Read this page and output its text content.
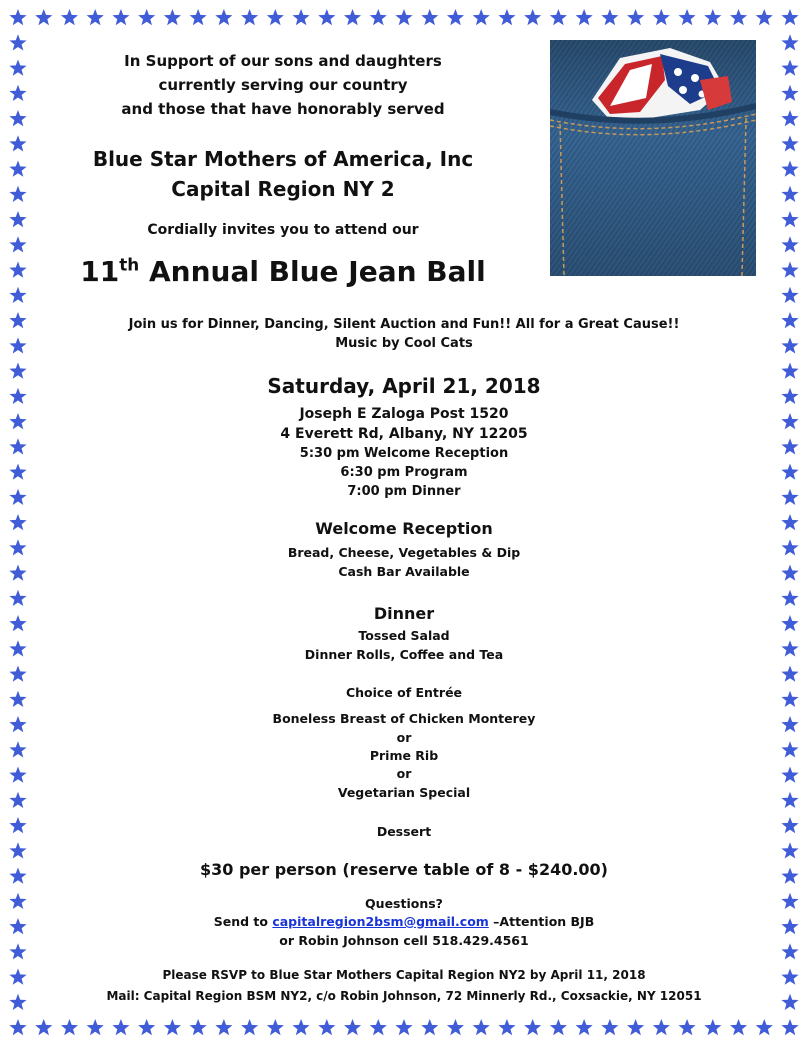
In Support of our sons and daughters
currently serving our country
and those that have honorably served
Blue Star Mothers of America, Inc
Capital Region NY 2
Cordially invites you to attend our
11th Annual Blue Jean Ball
Join us for Dinner, Dancing, Silent Auction and Fun!! All for a Great Cause!!
Music by Cool Cats
Saturday, April 21, 2018
Joseph E Zaloga Post 1520
4 Everett Rd, Albany, NY 12205
5:30 pm Welcome Reception
6:30 pm Program
7:00 pm Dinner
Welcome Reception
Bread, Cheese, Vegetables & Dip
Cash Bar Available
Dinner
Tossed Salad
Dinner Rolls, Coffee and Tea
Choice of Entrée
Boneless Breast of Chicken Monterey
or
Prime Rib
or
Vegetarian Special
Dessert
$30 per person (reserve table of 8 - $240.00)
Questions?
Send to capitalregion2bsm@gmail.com –Attention BJB
or Robin Johnson cell 518.429.4561
Please RSVP to Blue Star Mothers Capital Region NY2 by April 11, 2018
Mail: Capital Region BSM NY2, c/o Robin Johnson, 72 Minnerly Rd., Coxsackie, NY 12051
